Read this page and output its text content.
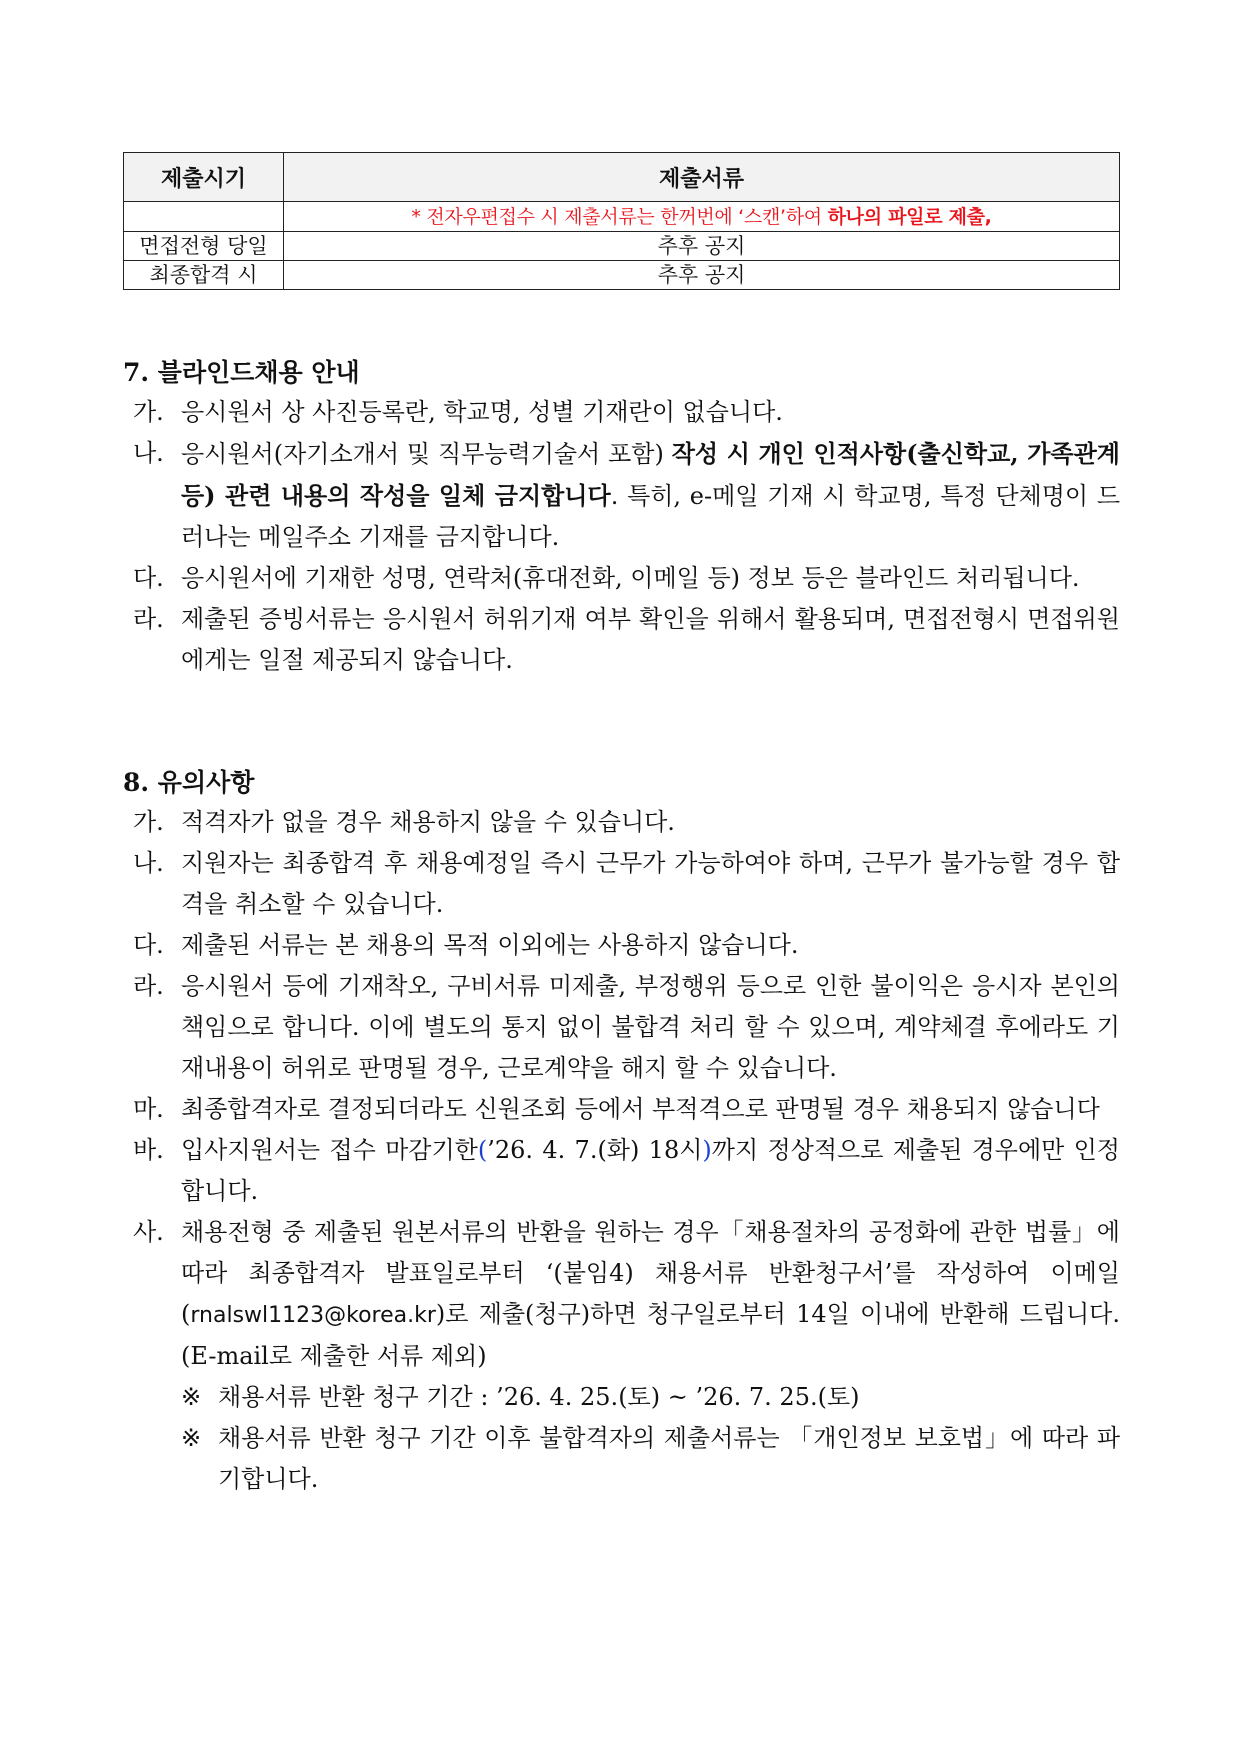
제출시기	제출서류
	* 전자우편접수 시 제출서류는 한꺼번에 ‘스캔’하여 하나의 파일로 제출,
면접전형 당일	추후 공지
최종합격 시	추후 공지
7. 블라인드채용 안내
가. 응시원서 상 사진등록란, 학교명, 성별 기재란이 없습니다.
나. 응시원서(자기소개서 및 직무능력기술서 포함) 작성 시 개인 인적사항(출신학교, 가족관계 등) 관련 내용의 작성을 일체 금지합니다. 특히, e-메일 기재 시 학교명, 특정 단체명이 드러나는 메일주소 기재를 금지합니다.
다. 응시원서에 기재한 성명, 연락처(휴대전화, 이메일 등) 정보 등은 블라인드 처리됩니다.
라. 제출된 증빙서류는 응시원서 허위기재 여부 확인을 위해서 활용되며, 면접전형시 면접위원에게는 일절 제공되지 않습니다.
8. 유의사항
가. 적격자가 없을 경우 채용하지 않을 수 있습니다.
나. 지원자는 최종합격 후 채용예정일 즉시 근무가 가능하여야 하며, 근무가 불가능할 경우 합격을 취소할 수 있습니다.
다. 제출된 서류는 본 채용의 목적 이외에는 사용하지 않습니다.
라. 응시원서 등에 기재착오, 구비서류 미제출, 부정행위 등으로 인한 불이익은 응시자 본인의 책임으로 합니다. 이에 별도의 통지 없이 불합격 처리 할 수 있으며, 계약체결 후에라도 기재내용이 허위로 판명될 경우, 근로계약을 해지 할 수 있습니다.
마. 최종합격자로 결정되더라도 신원조회 등에서 부적격으로 판명될 경우 채용되지 않습니다
바. 입사지원서는 접수 마감기한(’26. 4. 7.(화) 18시)까지 정상적으로 제출된 경우에만 인정합니다.
사. 채용전형 중 제출된 원본서류의 반환을 원하는 경우「채용절차의 공정화에 관한 법률」에 따라 최종합격자 발표일로부터 ‘(붙임4) 채용서류 반환청구서’를 작성하여 이메일(rnalswl1123@korea.kr)로 제출(청구)하면 청구일로부터 14일 이내에 반환해 드립니다. (E-mail로 제출한 서류 제외)
※ 채용서류 반환 청구 기간 : ’26. 4. 25.(토) ~ ’26. 7. 25.(토)
※ 채용서류 반환 청구 기간 이후 불합격자의 제출서류는 「개인정보 보호법」에 따라 파기합니다.
